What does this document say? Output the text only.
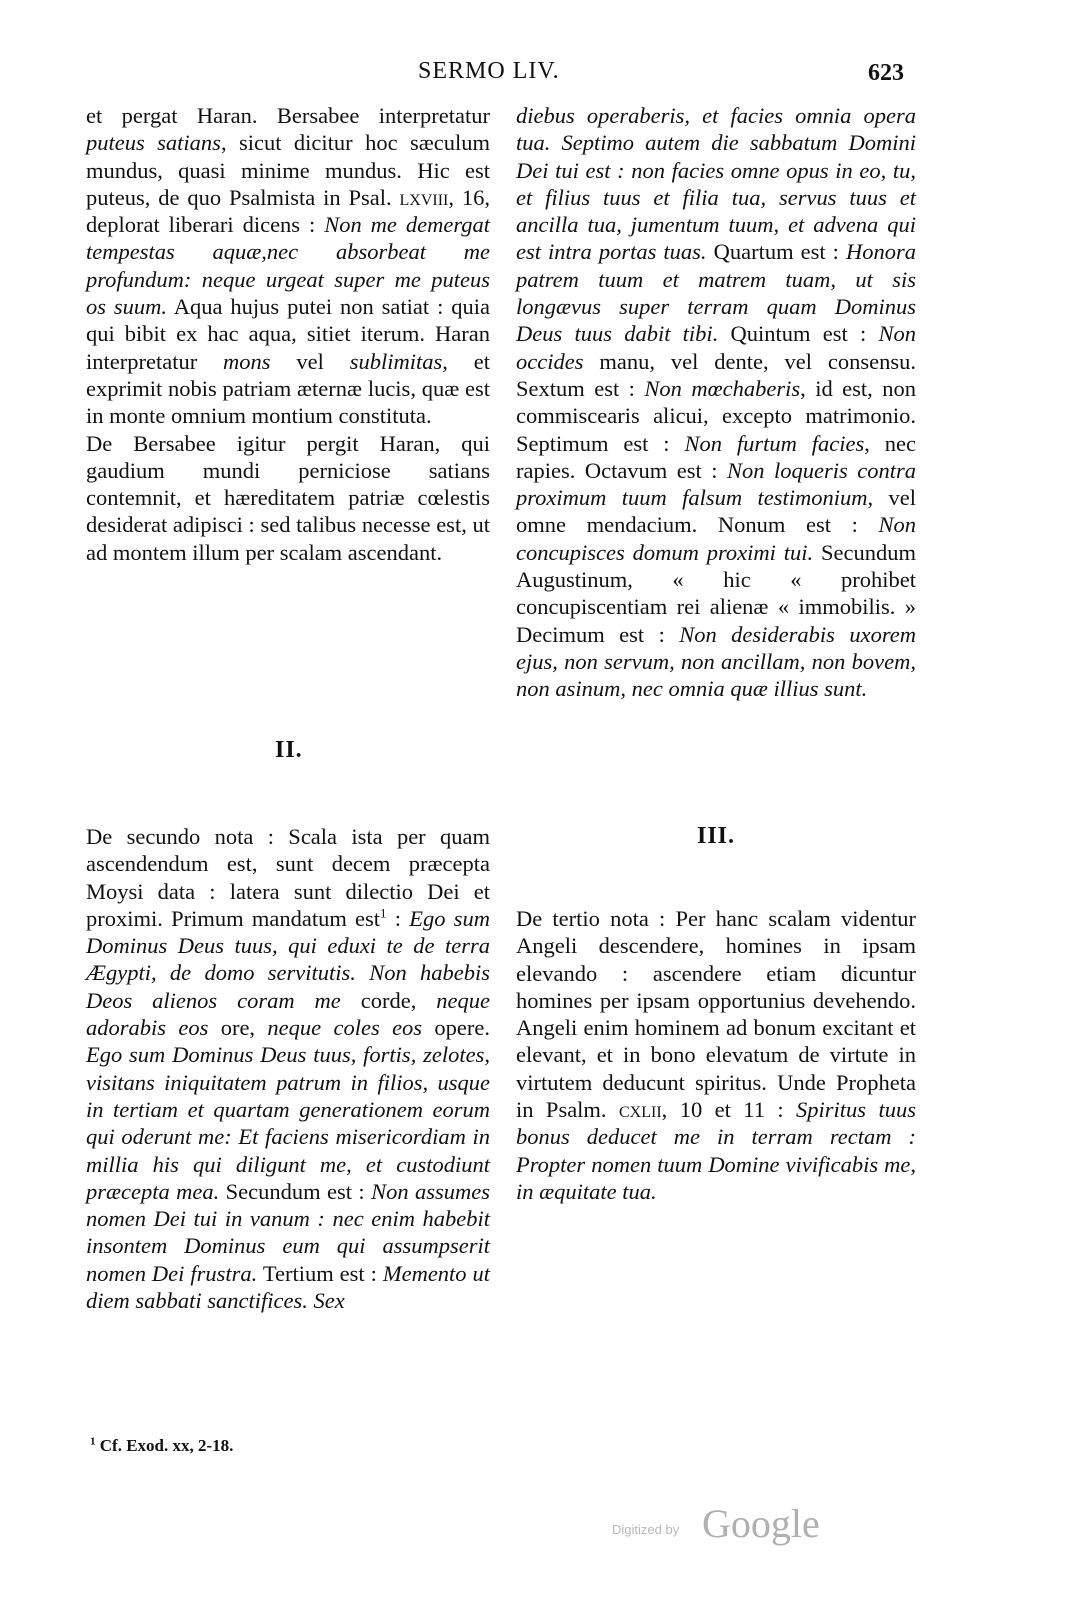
SERMO LIV.	623

et pergat Haran. Bersabee interpretatur puteus satians, sicut dicitur hoc sæculum mundus, quasi minime mundus. Hic est puteus, de quo Psalmista in Psal. lxviii, 16, deplorat liberari dicens : Non me demergat tempestas aquæ,nec absorbeat me profundum: neque urgeat super me puteus os suum. Aqua hujus putei non satiat : quia qui bibit ex hac aqua, sitiet iterum. Haran interpretatur mons vel sublimitas, et exprimit nobis patriam æternæ lucis, quæ est in monte omnium montium constituta.

De Bersabee igitur pergit Haran, qui gaudium mundi perniciose satians contemnit, et hæreditatem patriæ cœlestis desiderat adipisci : sed talibus necesse est, ut ad montem illum per scalam ascendant.

diebus operaberis, et facies omnia opera tua. Septimo autem die sabbatum Domini Dei tui est : non facies omne opus in eo, tu, et filius tuus et filia tua, servus tuus et ancilla tua, jumentum tuum, et advena qui est intra portas tuas. Quartum est : Honora patrem tuum et matrem tuam, ut sis longævus super terram quam Dominus Deus tuus dabit tibi. Quintum est : Non occides manu, vel dente, vel consensu. Sextum est : Non mœchaberis, id est, non commiscearis alicui, excepto matrimonio. Septimum est : Non furtum facies, nec rapies. Octavum est : Non loqueris contra proximum tuum falsum testimonium, vel omne mendacium. Nonum est : Non concupisces domum proximi tui. Secundum Augustinum, « hic « prohibet concupiscentiam rei alienæ « immobilis. » Decimum est : Non desiderabis uxorem ejus, non servum, non ancillam, non bovem, non asinum, nec omnia quæ illius sunt.

II.
III.

De secundo nota : Scala ista per quam ascendendum est, sunt decem præcepta Moysi data : latera sunt dilectio Dei et proximi. Primum mandatum est$^1$ : Ego sum Dominus Deus tuus, qui eduxi te de terra Ægypti, de domo servitutis. Non habebis Deos alienos coram me corde, neque adorabis eos ore, neque coles eos opere. Ego sum Dominus Deus tuus, fortis, zelotes, visitans iniquitatem patrum in filios, usque in tertiam et quartam generationem eorum qui oderunt me: Et faciens misericordiam in millia his qui diligunt me, et custodiunt præcepta mea. Secundum est : Non assumes nomen Dei tui in vanum : nec enim habebit insontem Dominus eum qui assumpserit nomen Dei frustra. Tertium est : Memento ut diem sabbati sanctifices. Sex

De tertio nota : Per hanc scalam videntur Angeli descendere, homines in ipsam elevando : ascendere etiam dicuntur homines per ipsam opportunius devehendo. Angeli enim hominem ad bonum excitant et elevant, et in bono elevatum de virtute in virtutem deducunt spiritus. Unde Propheta in Psalm. cxlii, 10 et 11 : Spiritus tuus bonus deducet me in terram rectam : Propter nomen tuum Domine vivificabis me, in æquitate tua.

$^1$ Cf. Exod. xx, 2-18.
Digitized by Google
